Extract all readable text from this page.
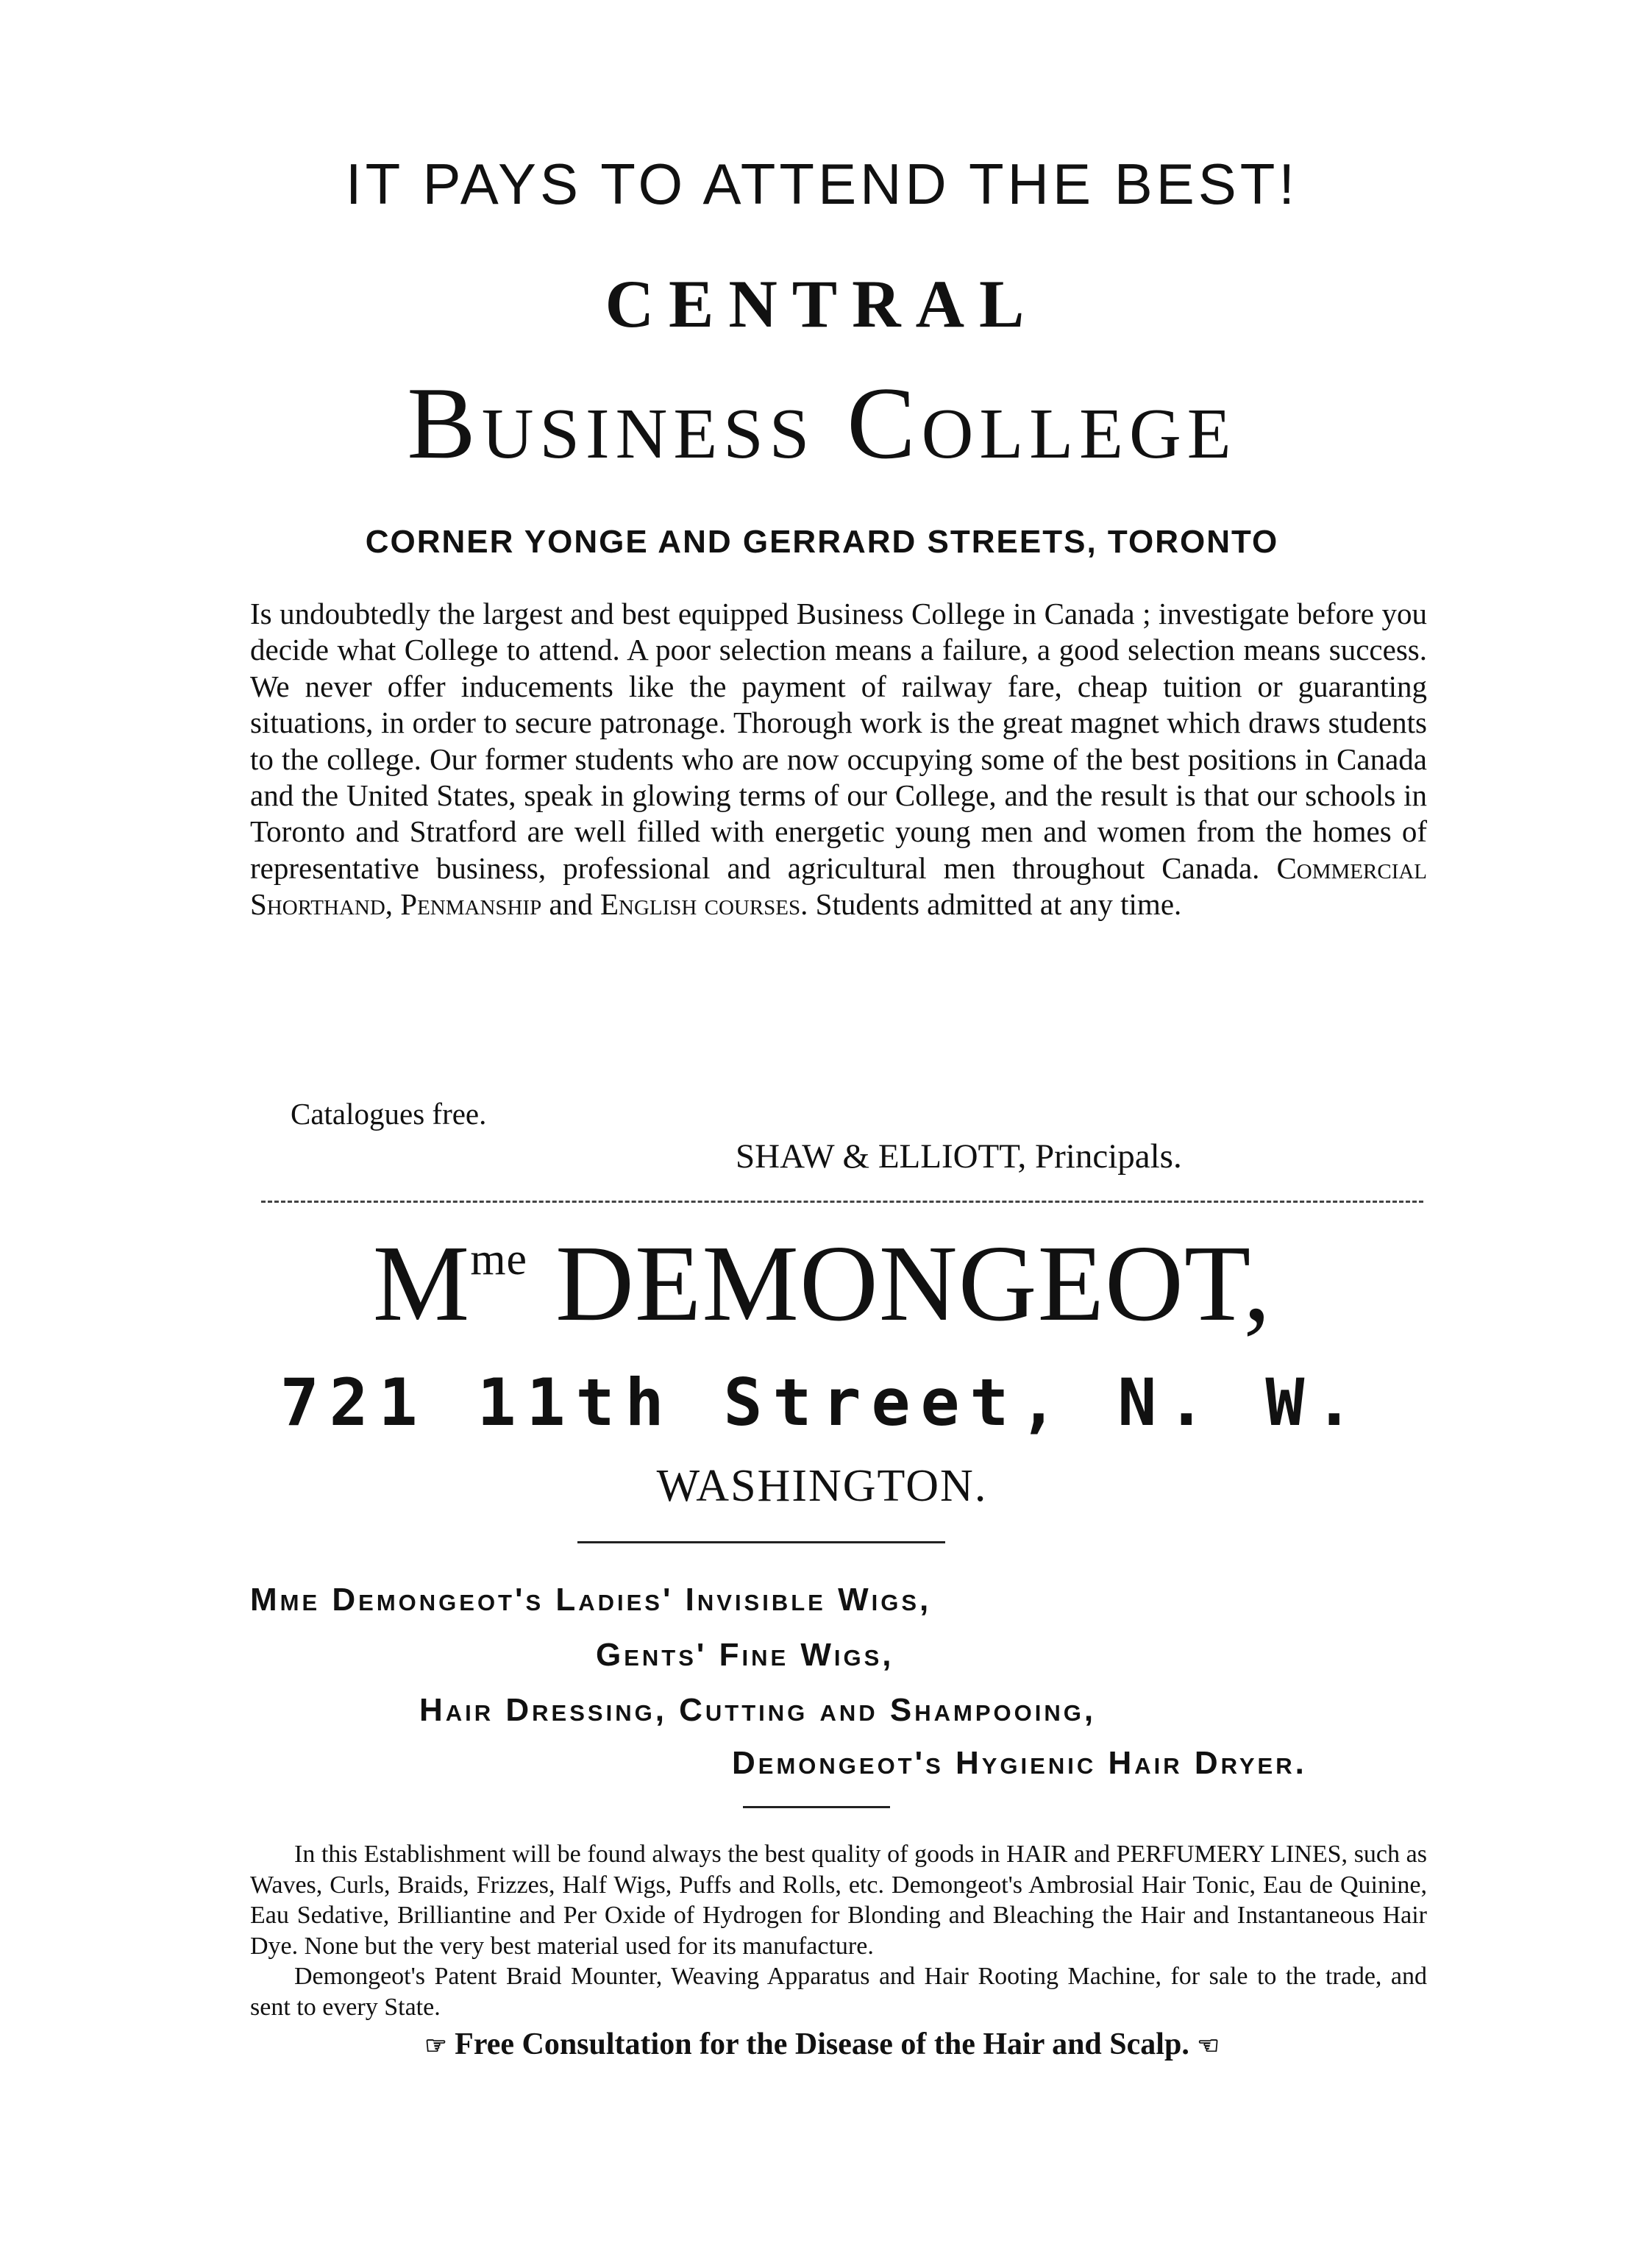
IT PAYS TO ATTEND THE BEST!
CENTRAL
Business College
CORNER YONGE AND GERRARD STREETS, TORONTO
Is undoubtedly the largest and best equipped Business College in Canada ; investigate before you decide what College to attend. A poor selection means a failure, a good selection means success. We never offer inducements like the payment of railway fare, cheap tuition or guaranting situations, in order to secure patronage. Thorough work is the great magnet which draws students to the college. Our former students who are now occupying some of the best positions in Canada and the United States, speak in glowing terms of our College, and the result is that our schools in Toronto and Stratford are well filled with energetic young men and women from the homes of representative business, professional and agricultural men throughout Canada. Commercial Shorthand, Penmanship and English courses. Students admitted at any time.
Catalogues free.
SHAW & ELLIOTT, Principals.
$M^{me}$ DEMONGEOT,
721 11th Street, N. W.
WASHINGTON.
Mme Demongeot's Ladies' Invisible Wigs,
Gents' Fine Wigs,
Hair Dressing, Cutting and Shampooing,
Demongeot's Hygienic Hair Dryer.

In this Establishment will be found always the best quality of goods in HAIR and PERFUMERY LINES, such as Waves, Curls, Braids, Frizzes, Half Wigs, Puffs and Rolls, etc. Demongeot's Ambrosial Hair Tonic, Eau de Quinine, Eau Sedative, Brilliantine and Per Oxide of Hydrogen for Blonding and Bleaching the Hair and Instantaneous Hair Dye. None but the very best material used for its manufacture.

Demongeot's Patent Braid Mounter, Weaving Apparatus and Hair Rooting Machine, for sale to the trade, and sent to every State.

☞ Free Consultation for the Disease of the Hair and Scalp. ☜
